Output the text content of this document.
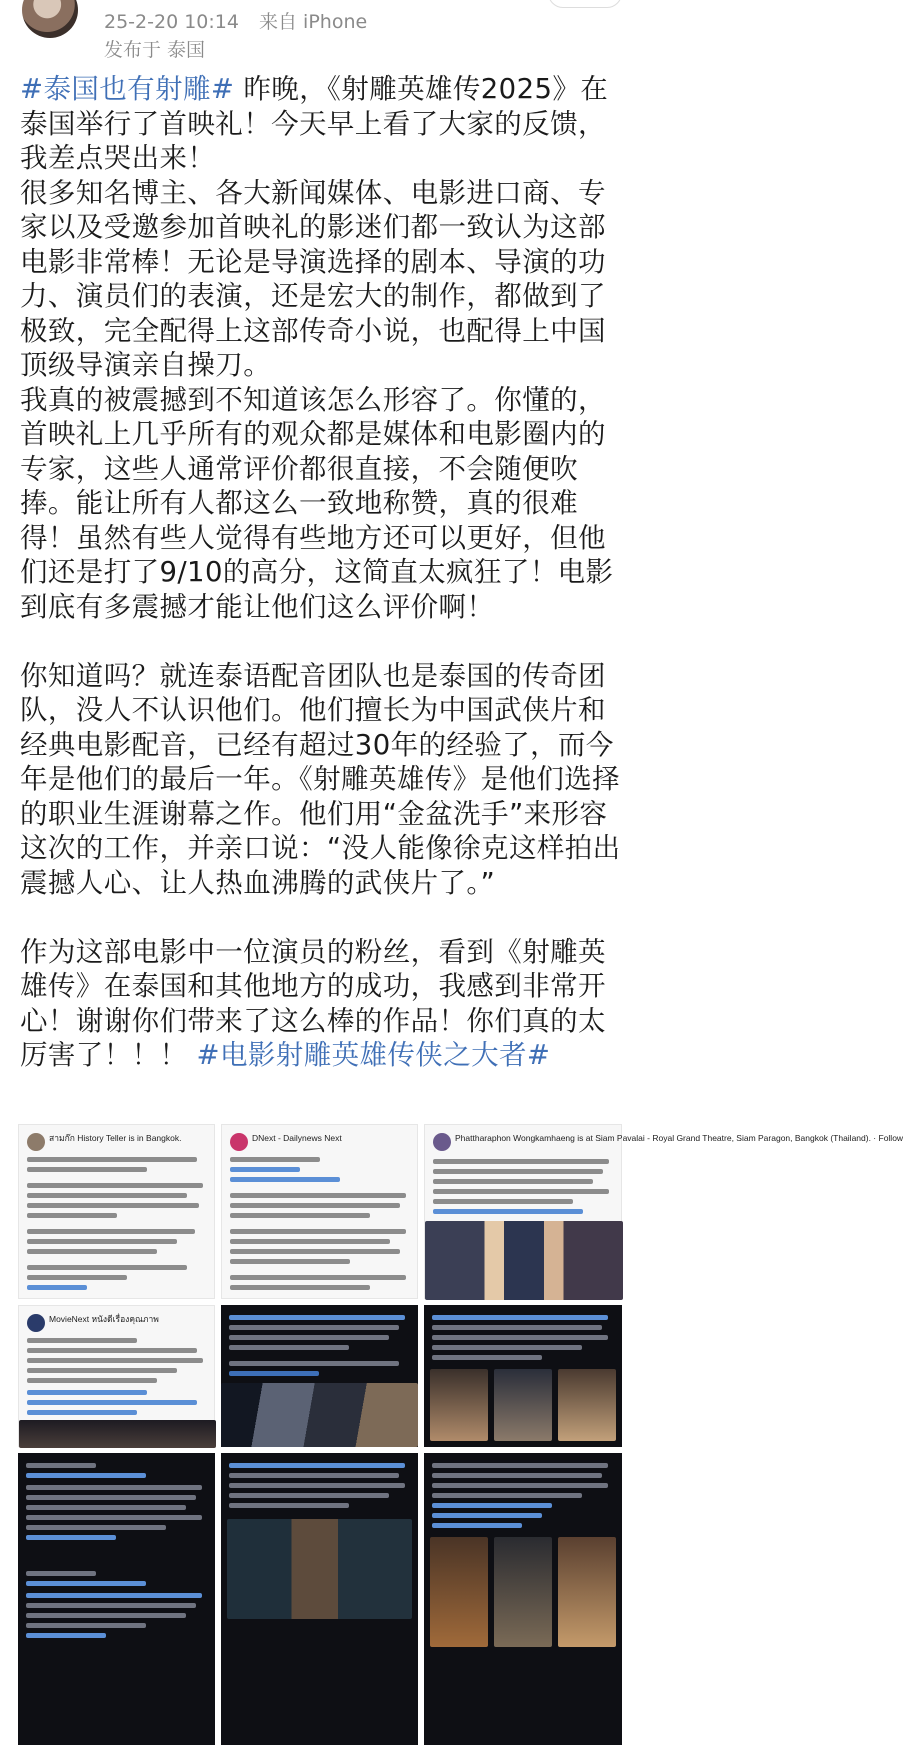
25-2-20 10:14 来自 iPhone
发布于 泰国

#泰国也有射雕# 昨晚，《射雕英雄传2025》在泰国举行了首映礼！今天早上看了大家的反馈，我差点哭出来！

很多知名博主、各大新闻媒体、电影进口商、专家以及受邀参加首映礼的影迷们都一致认为这部电影非常棒！无论是导演选择的剧本、导演的功力、演员们的表演，还是宏大的制作，都做到了极致，完全配得上这部传奇小说，也配得上中国顶级导演亲自操刀。

我真的被震撼到不知道该怎么形容了。你懂的，首映礼上几乎所有的观众都是媒体和电影圈内的专家，这些人通常评价都很直接，不会随便吹捧。能让所有人都这么一致地称赞，真的很难得！虽然有些人觉得有些地方还可以更好，但他们还是打了9/10的高分，这简直太疯狂了！电影到底有多震撼才能让他们这么评价啊！

你知道吗？就连泰语配音团队也是泰国的传奇团队，没人不认识他们。他们擅长为中国武侠片和经典电影配音，已经有超过30年的经验了，而今年是他们的最后一年。《射雕英雄传》是他们选择的职业生涯谢幕之作。他们用“金盆洗手”来形容这次的工作，并亲口说：“没人能像徐克这样拍出震撼人心、让人热血沸腾的武侠片了。”

作为这部电影中一位演员的粉丝，看到《射雕英雄传》在泰国和其他地方的成功，我感到非常开心！谢谢你们带来了这么棒的作品！你们真的太厉害了！！！ #电影射雕英雄传侠之大者#

สามก๊ก History Teller is in Bangkok.	DNext - Dailynews Next	Phattharaphon Wongkamhaeng is at Siam Pavalai - Royal Grand Theatre, Siam Paragon, Bangkok (Thailand). · Follow
MovieNext หนังดีเรื่องคุณภาพ
